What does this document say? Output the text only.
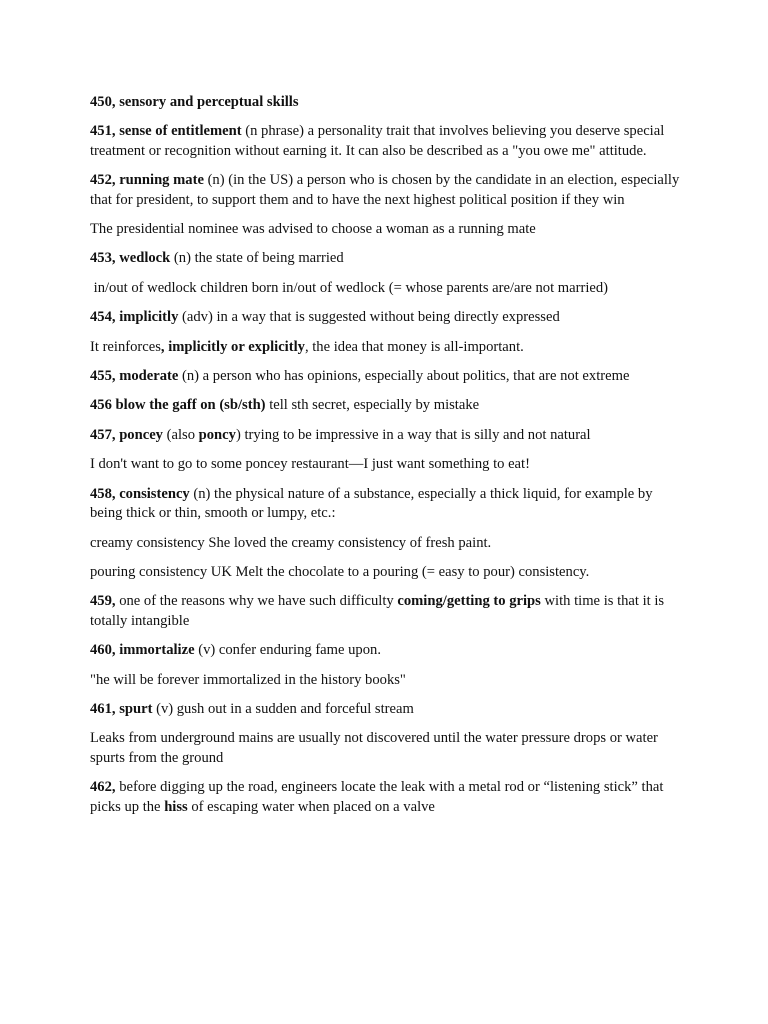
450, sensory and perceptual skills

451, sense of entitlement (n phrase) a personality trait that involves believing you deserve special treatment or recognition without earning it. It can also be described as a "you owe me" attitude.

452, running mate (n) (in the US) a person who is chosen by the candidate in an election, especially that for president, to support them and to have the next highest political position if they win

The presidential nominee was advised to choose a woman as a running mate

453, wedlock (n) the state of being married

in/out of wedlock children born in/out of wedlock (= whose parents are/are not married)

454, implicitly (adv) in a way that is suggested without being directly expressed

It reinforces, implicitly or explicitly, the idea that money is all-important.

455, moderate (n) a person who has opinions, especially about politics, that are not extreme

456 blow the gaff on (sb/sth) tell sth secret, especially by mistake

457, poncey (also poncy) trying to be impressive in a way that is silly and not natural

I don't want to go to some poncey restaurant—I just want something to eat!

458, consistency (n) the physical nature of a substance, especially a thick liquid, for example by being thick or thin, smooth or lumpy, etc.:

creamy consistency She loved the creamy consistency of fresh paint.

pouring consistency UK Melt the chocolate to a pouring (= easy to pour) consistency.

459, one of the reasons why we have such difficulty coming/getting to grips with time is that it is totally intangible

460, immortalize (v) confer enduring fame upon.

"he will be forever immortalized in the history books"

461, spurt (v) gush out in a sudden and forceful stream

Leaks from underground mains are usually not discovered until the water pressure drops or water spurts from the ground

462, before digging up the road, engineers locate the leak with a metal rod or “listening stick” that picks up the hiss of escaping water when placed on a valve
